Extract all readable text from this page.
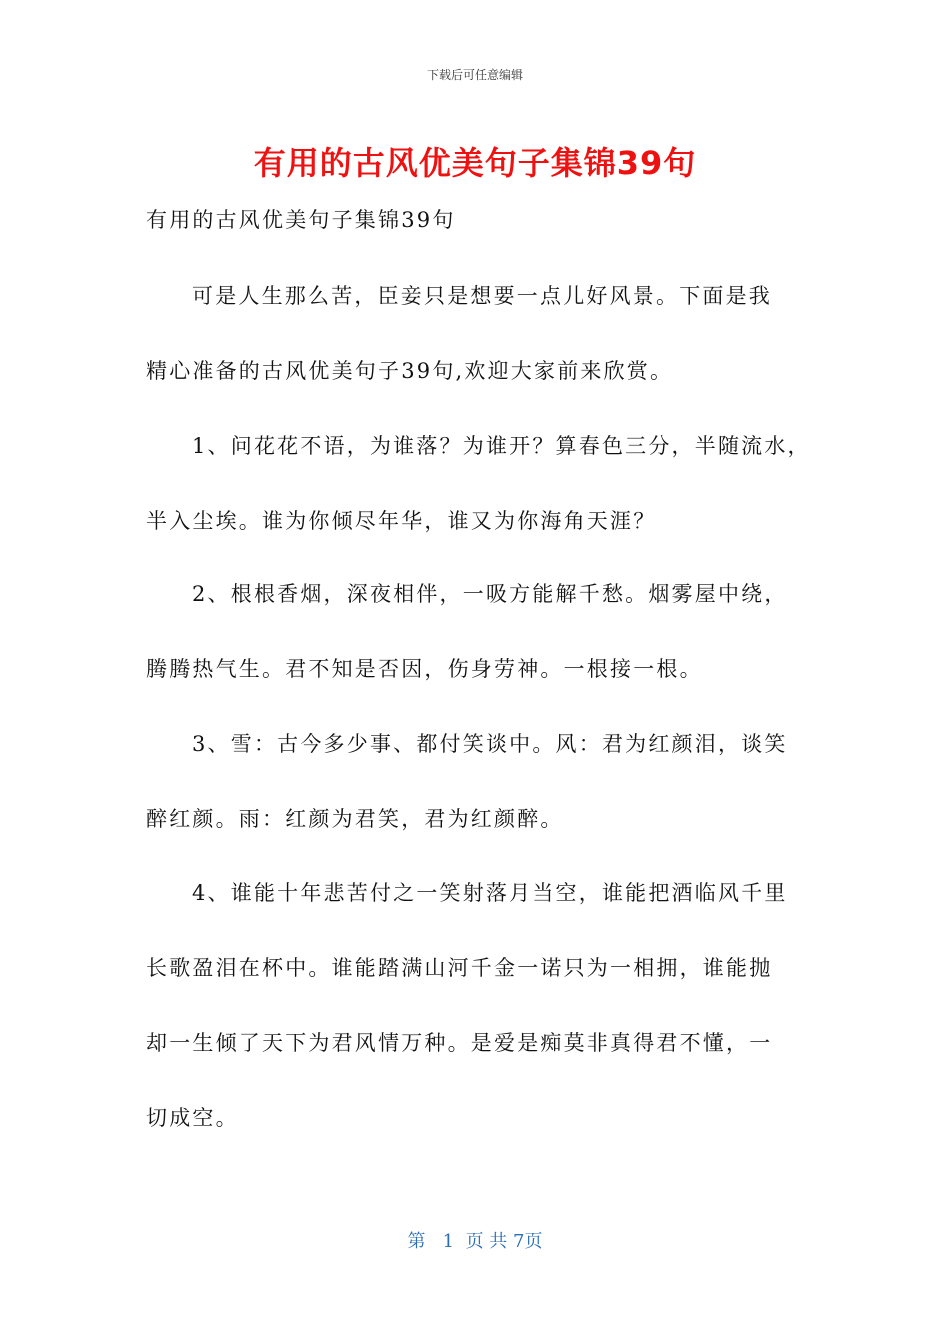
下载后可任意编辑
有用的古风优美句子集锦39句

有用的古风优美句子集锦39句

可是人生那么苦，臣妾只是想要一点儿好风景。下面是我

精心准备的古风优美句子39句,欢迎大家前来欣赏。

1、问花花不语，为谁落？为谁开？算春色三分，半随流水，

半入尘埃。谁为你倾尽年华，谁又为你海角天涯？

2、根根香烟，深夜相伴，一吸方能解千愁。烟雾屋中绕，

腾腾热气生。君不知是否因，伤身劳神。一根接一根。

3、雪：古今多少事、都付笑谈中。风：君为红颜泪，谈笑

醉红颜。雨：红颜为君笑，君为红颜醉。

4、谁能十年悲苦付之一笑射落月当空，谁能把酒临风千里

长歌盈泪在杯中。谁能踏满山河千金一诺只为一相拥，谁能抛

却一生倾了天下为君风情万种。是爱是痴莫非真得君不懂，一

切成空。

第 1 页 共 7页
